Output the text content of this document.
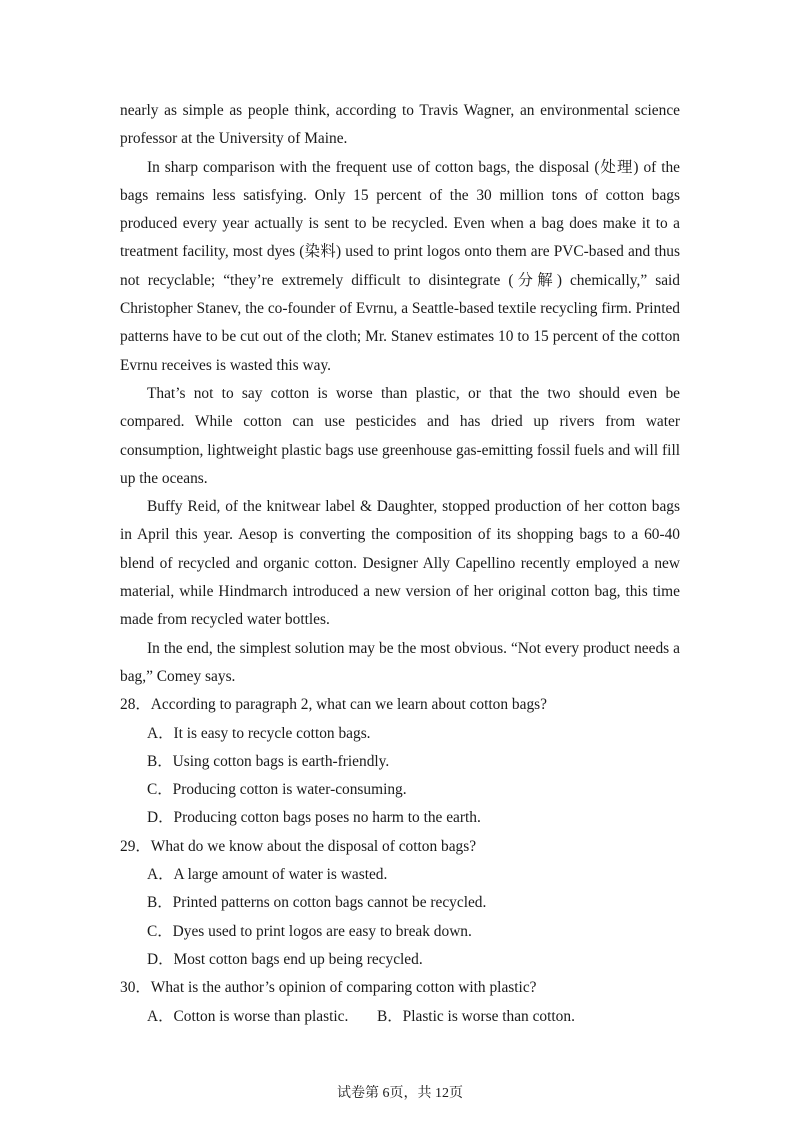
nearly as simple as people think, according to Travis Wagner, an environmental science professor at the University of Maine.

In sharp comparison with the frequent use of cotton bags, the disposal (处理) of the bags remains less satisfying. Only 15 percent of the 30 million tons of cotton bags produced every year actually is sent to be recycled. Even when a bag does make it to a treatment facility, most dyes (染料) used to print logos onto them are PVC-based and thus not recyclable; “they’re extremely difficult to disintegrate (分解) chemically,” said Christopher Stanev, the co-founder of Evrnu, a Seattle-based textile recycling firm. Printed patterns have to be cut out of the cloth; Mr. Stanev estimates 10 to 15 percent of the cotton Evrnu receives is wasted this way.

That’s not to say cotton is worse than plastic, or that the two should even be compared. While cotton can use pesticides and has dried up rivers from water consumption, lightweight plastic bags use greenhouse gas-emitting fossil fuels and will fill up the oceans.

Buffy Reid, of the knitwear label & Daughter, stopped production of her cotton bags in April this year. Aesop is converting the composition of its shopping bags to a 60-40 blend of recycled and organic cotton. Designer Ally Capellino recently employed a new material, while Hindmarch introduced a new version of her original cotton bag, this time made from recycled water bottles.

In the end, the simplest solution may be the most obvious. “Not every product needs a bag,” Comey says.

28．According to paragraph 2, what can we learn about cotton bags?

A．It is easy to recycle cotton bags.

B．Using cotton bags is earth-friendly.

C．Producing cotton is water-consuming.

D．Producing cotton bags poses no harm to the earth.

29．What do we know about the disposal of cotton bags?

A．A large amount of water is wasted.

B．Printed patterns on cotton bags cannot be recycled.

C．Dyes used to print logos are easy to break down.

D．Most cotton bags end up being recycled.

30．What is the author’s opinion of comparing cotton with plastic?

A．Cotton is worse than plastic.	B．Plastic is worse than cotton.

试卷第 6页，共 12页
